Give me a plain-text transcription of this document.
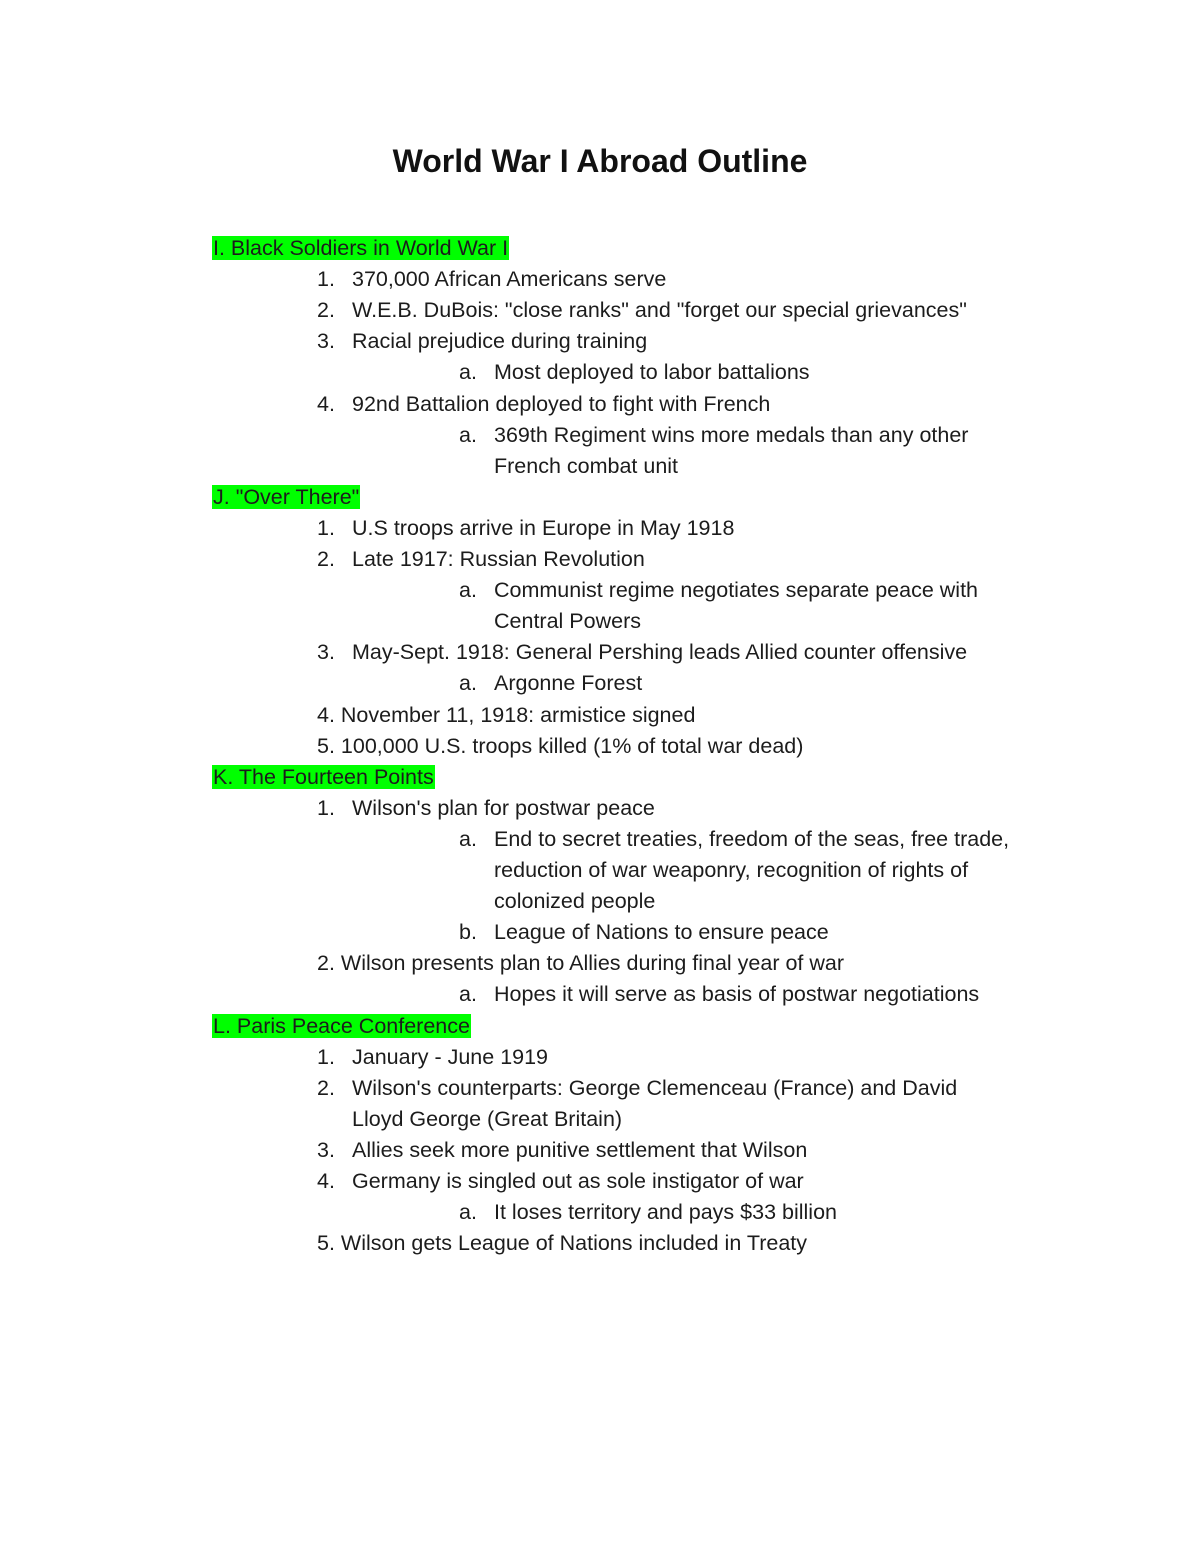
World War I Abroad Outline
I. Black Soldiers in World War I
1. 370,000 African Americans serve
2. W.E.B. DuBois: "close ranks" and "forget our special grievances"
3. Racial prejudice during training
a. Most deployed to labor battalions
4. 92nd Battalion deployed to fight with French
a. 369th Regiment wins more medals than any other
French combat unit
J. "Over There"
1. U.S troops arrive in Europe in May 1918
2. Late 1917: Russian Revolution
a. Communist regime negotiates separate peace with
Central Powers
3. May-Sept. 1918: General Pershing leads Allied counter offensive
a. Argonne Forest
4. November 11, 1918: armistice signed
5. 100,000 U.S. troops killed (1% of total war dead)
K. The Fourteen Points
1. Wilson's plan for postwar peace
a. End to secret treaties, freedom of the seas, free trade,
reduction of war weaponry, recognition of rights of
colonized people
b. League of Nations to ensure peace
2. Wilson presents plan to Allies during final year of war
a. Hopes it will serve as basis of postwar negotiations
L. Paris Peace Conference
1. January - June 1919
2. Wilson's counterparts: George Clemenceau (France) and David
Lloyd George (Great Britain)
3. Allies seek more punitive settlement that Wilson
4. Germany is singled out as sole instigator of war
a. It loses territory and pays $33 billion
5. Wilson gets League of Nations included in Treaty
